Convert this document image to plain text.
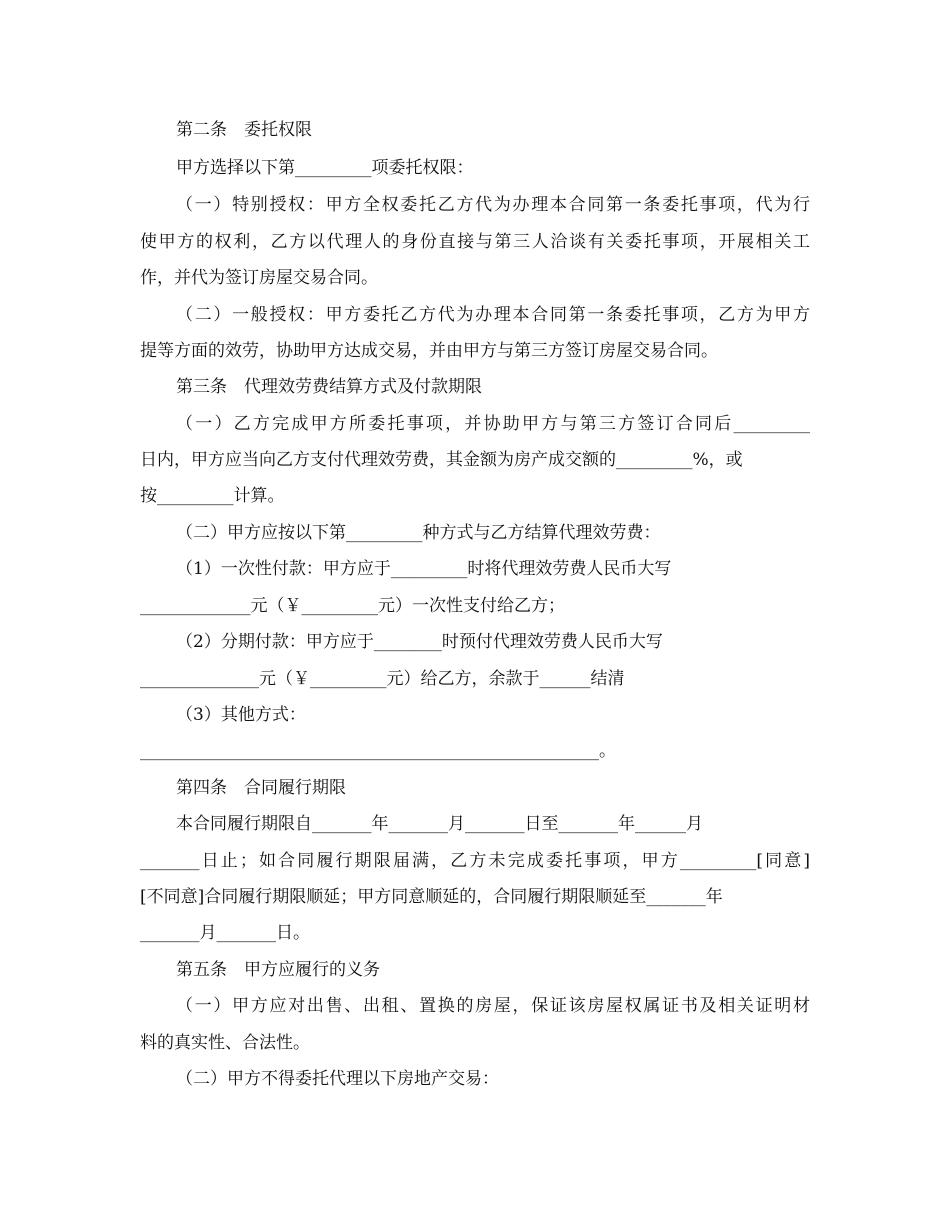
第二条　委托权限
甲方选择以下第_________项委托权限：
（一）特别授权：甲方全权委托乙方代为办理本合同第一条委托事项，代为行
使甲方的权利，乙方以代理人的身份直接与第三人洽谈有关委托事项，开展相关工
作，并代为签订房屋交易合同。
（二）一般授权：甲方委托乙方代为办理本合同第一条委托事项，乙方为甲方
提等方面的效劳，协助甲方达成交易，并由甲方与第三方签订房屋交易合同。
第三条　代理效劳费结算方式及付款期限
（一）乙方完成甲方所委托事项，并协助甲方与第三方签订合同后_________
日内，甲方应当向乙方支付代理效劳费，其金额为房产成交额的_________%，或
按_________计算。
（二）甲方应按以下第_________种方式与乙方结算代理效劳费：
（1）一次性付款：甲方应于_________时将代理效劳费人民币大写
_____________元（￥_________元）一次性支付给乙方；
（2）分期付款：甲方应于________时预付代理效劳费人民币大写
______________元（￥_________元）给乙方，余款于______结清
（3）其他方式：
______________________________________________________。
第四条　合同履行期限
本合同履行期限自_______年_______月_______日至_______年______月
_______日止；如合同履行期限届满，乙方未完成委托事项，甲方_________[同意]
[不同意]合同履行期限顺延；甲方同意顺延的，合同履行期限顺延至_______年
_______月_______日。
第五条　甲方应履行的义务
（一）甲方应对出售、出租、置换的房屋，保证该房屋权属证书及相关证明材
料的真实性、合法性。
（二）甲方不得委托代理以下房地产交易：
